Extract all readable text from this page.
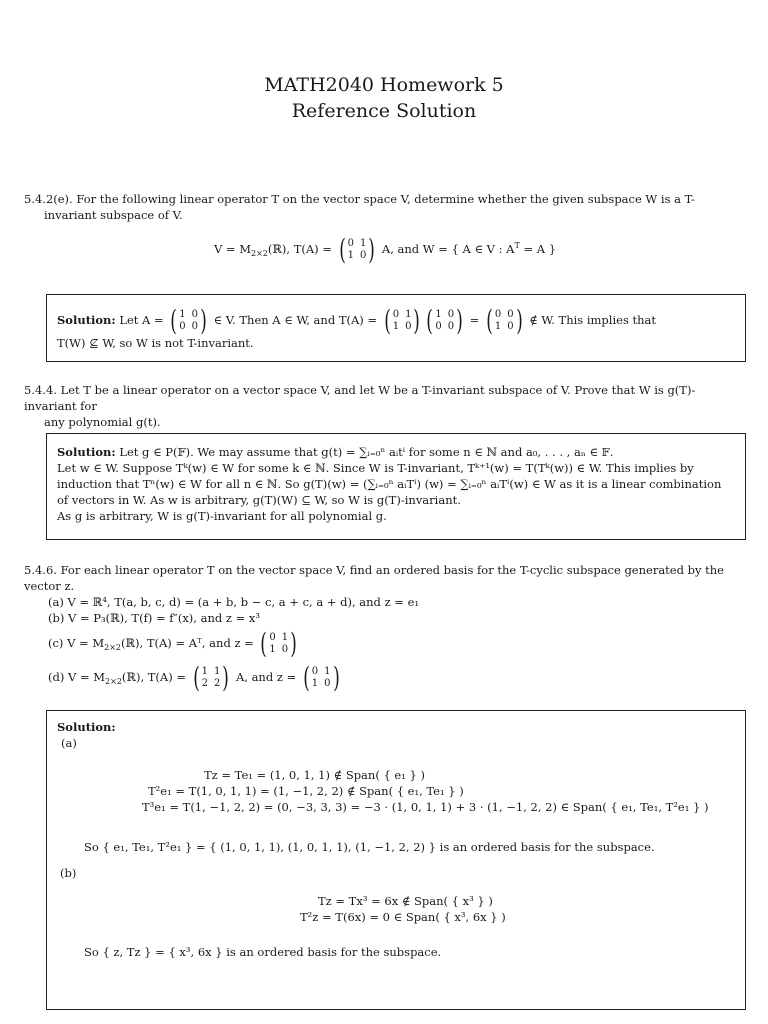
MATH2040 Homework 5
Reference Solution
5.4.2(e). For the following linear operator T on the vector space V, determine whether the given subspace W is a T-invariant subspace of V.
$V = M_{2\times 2}(ℝ)$, T(A) = ( 0 1
1 0 ) A, and W = { A ∈ V : $A^T = A$ }
Solution: Let A = ( 1 0
0 0 ) ∈ V. Then A ∈ W, and T(A) = ( 0 1
1 0 ) ( 1 0
0 0 ) = ( 0 0
1 0 ) ∉ W. This implies that
T(W) ⊈ W, so W is not T-invariant.
5.4.4. Let T be a linear operator on a vector space V, and let W be a T-invariant subspace of V. Prove that W is g(T)-invariant for
any polynomial g(t).
Solution: Let g ∈ P(𝔽). We may assume that g(t) = ∑ᵢ₌₀ⁿ aᵢtⁱ for some n ∈ ℕ and a₀, . . . , aₙ ∈ 𝔽.
Let w ∈ W. Suppose Tᵏ(w) ∈ W for some k ∈ ℕ. Since W is T-invariant, Tᵏ⁺¹(w) = T(Tᵏ(w)) ∈ W. This implies by
induction that Tⁿ(w) ∈ W for all n ∈ ℕ. So g(T)(w) = (∑ᵢ₌₀ⁿ aᵢTⁱ) (w) = ∑ᵢ₌₀ⁿ aᵢTⁱ(w) ∈ W as it is a linear combination
of vectors in W. As w is arbitrary, g(T)(W) ⊆ W, so W is g(T)-invariant.
As g is arbitrary, W is g(T)-invariant for all polynomial g.
5.4.6. For each linear operator T on the vector space V, find an ordered basis for the T-cyclic subspace generated by the vector z.
(a) V = ℝ⁴, T(a, b, c, d) = (a + b, b − c, a + c, a + d), and z = e₁
(b) V = P₃(ℝ), T(f) = f″(x), and z = x³
(c) $V = M_{2\times 2}(ℝ)$, T(A) = Aᵀ, and z = ( 0 1
1 0 )
(d) $V = M_{2\times 2}(ℝ)$, T(A) = ( 1 1
2 2 ) A, and z = ( 0 1
1 0 )
Solution:
(a)
Tz = Te₁ = (1, 0, 1, 1) ∉ Span( { e₁ } )
T²e₁ = T(1, 0, 1, 1) = (1, −1, 2, 2) ∉ Span( { e₁, Te₁ } )
T³e₁ = T(1, −1, 2, 2) = (0, −3, 3, 3) = −3 · (1, 0, 1, 1) + 3 · (1, −1, 2, 2) ∈ Span( { e₁, Te₁, T²e₁ } )
So { e₁, Te₁, T²e₁ } = { (1, 0, 1, 1), (1, 0, 1, 1), (1, −1, 2, 2) } is an ordered basis for the subspace.
(b)
Tz = Tx³ = 6x ∉ Span( { x³ } )
T²z = T(6x) = 0 ∈ Span( { x³, 6x } )
So { z, Tz } = { x³, 6x } is an ordered basis for the subspace.
